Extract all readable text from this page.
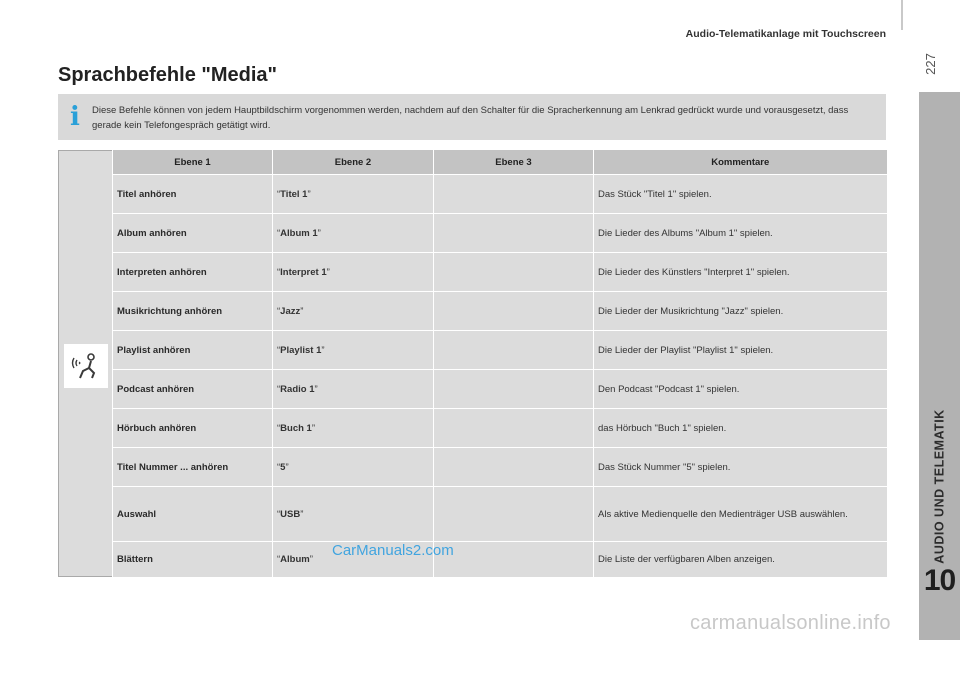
Audio-Telematikanlage mit Touchscreen
227
AUDIO UND TELEMATIK
10
Sprachbefehle "Media"
i Diese Befehle können von jedem Hauptbildschirm vorgenommen werden, nachdem auf den Schalter für die Spracherkennung am Lenkrad gedrückt wurde und vorausgesetzt, dass gerade kein Telefongespräch getätigt wird.
Ebene 1	Ebene 2	Ebene 3	Kommentare
Titel anhören	“Titel 1”		Das Stück "Titel 1" spielen.
Album anhören	“Album 1”		Die Lieder des Albums "Album 1" spielen.
Interpreten anhören	“Interpret 1”		Die Lieder des Künstlers "Interpret 1" spielen.
Musikrichtung anhören	“Jazz”		Die Lieder der Musikrichtung "Jazz" spielen.
Playlist anhören	“Playlist 1”		Die Lieder der Playlist "Playlist 1" spielen.
Podcast anhören	“Radio 1”		Den Podcast "Podcast 1" spielen.
Hörbuch anhören	“Buch 1”		das Hörbuch "Buch 1" spielen.
Titel Nummer ... anhören	“5”		Das Stück Nummer "5" spielen.
Auswahl	“USB”		Als aktive Medienquelle den Medienträger USB auswählen.
Blättern	“Album”		Die Liste der verfügbaren Alben anzeigen.
CarManuals2.com
carmanualsonline.info
